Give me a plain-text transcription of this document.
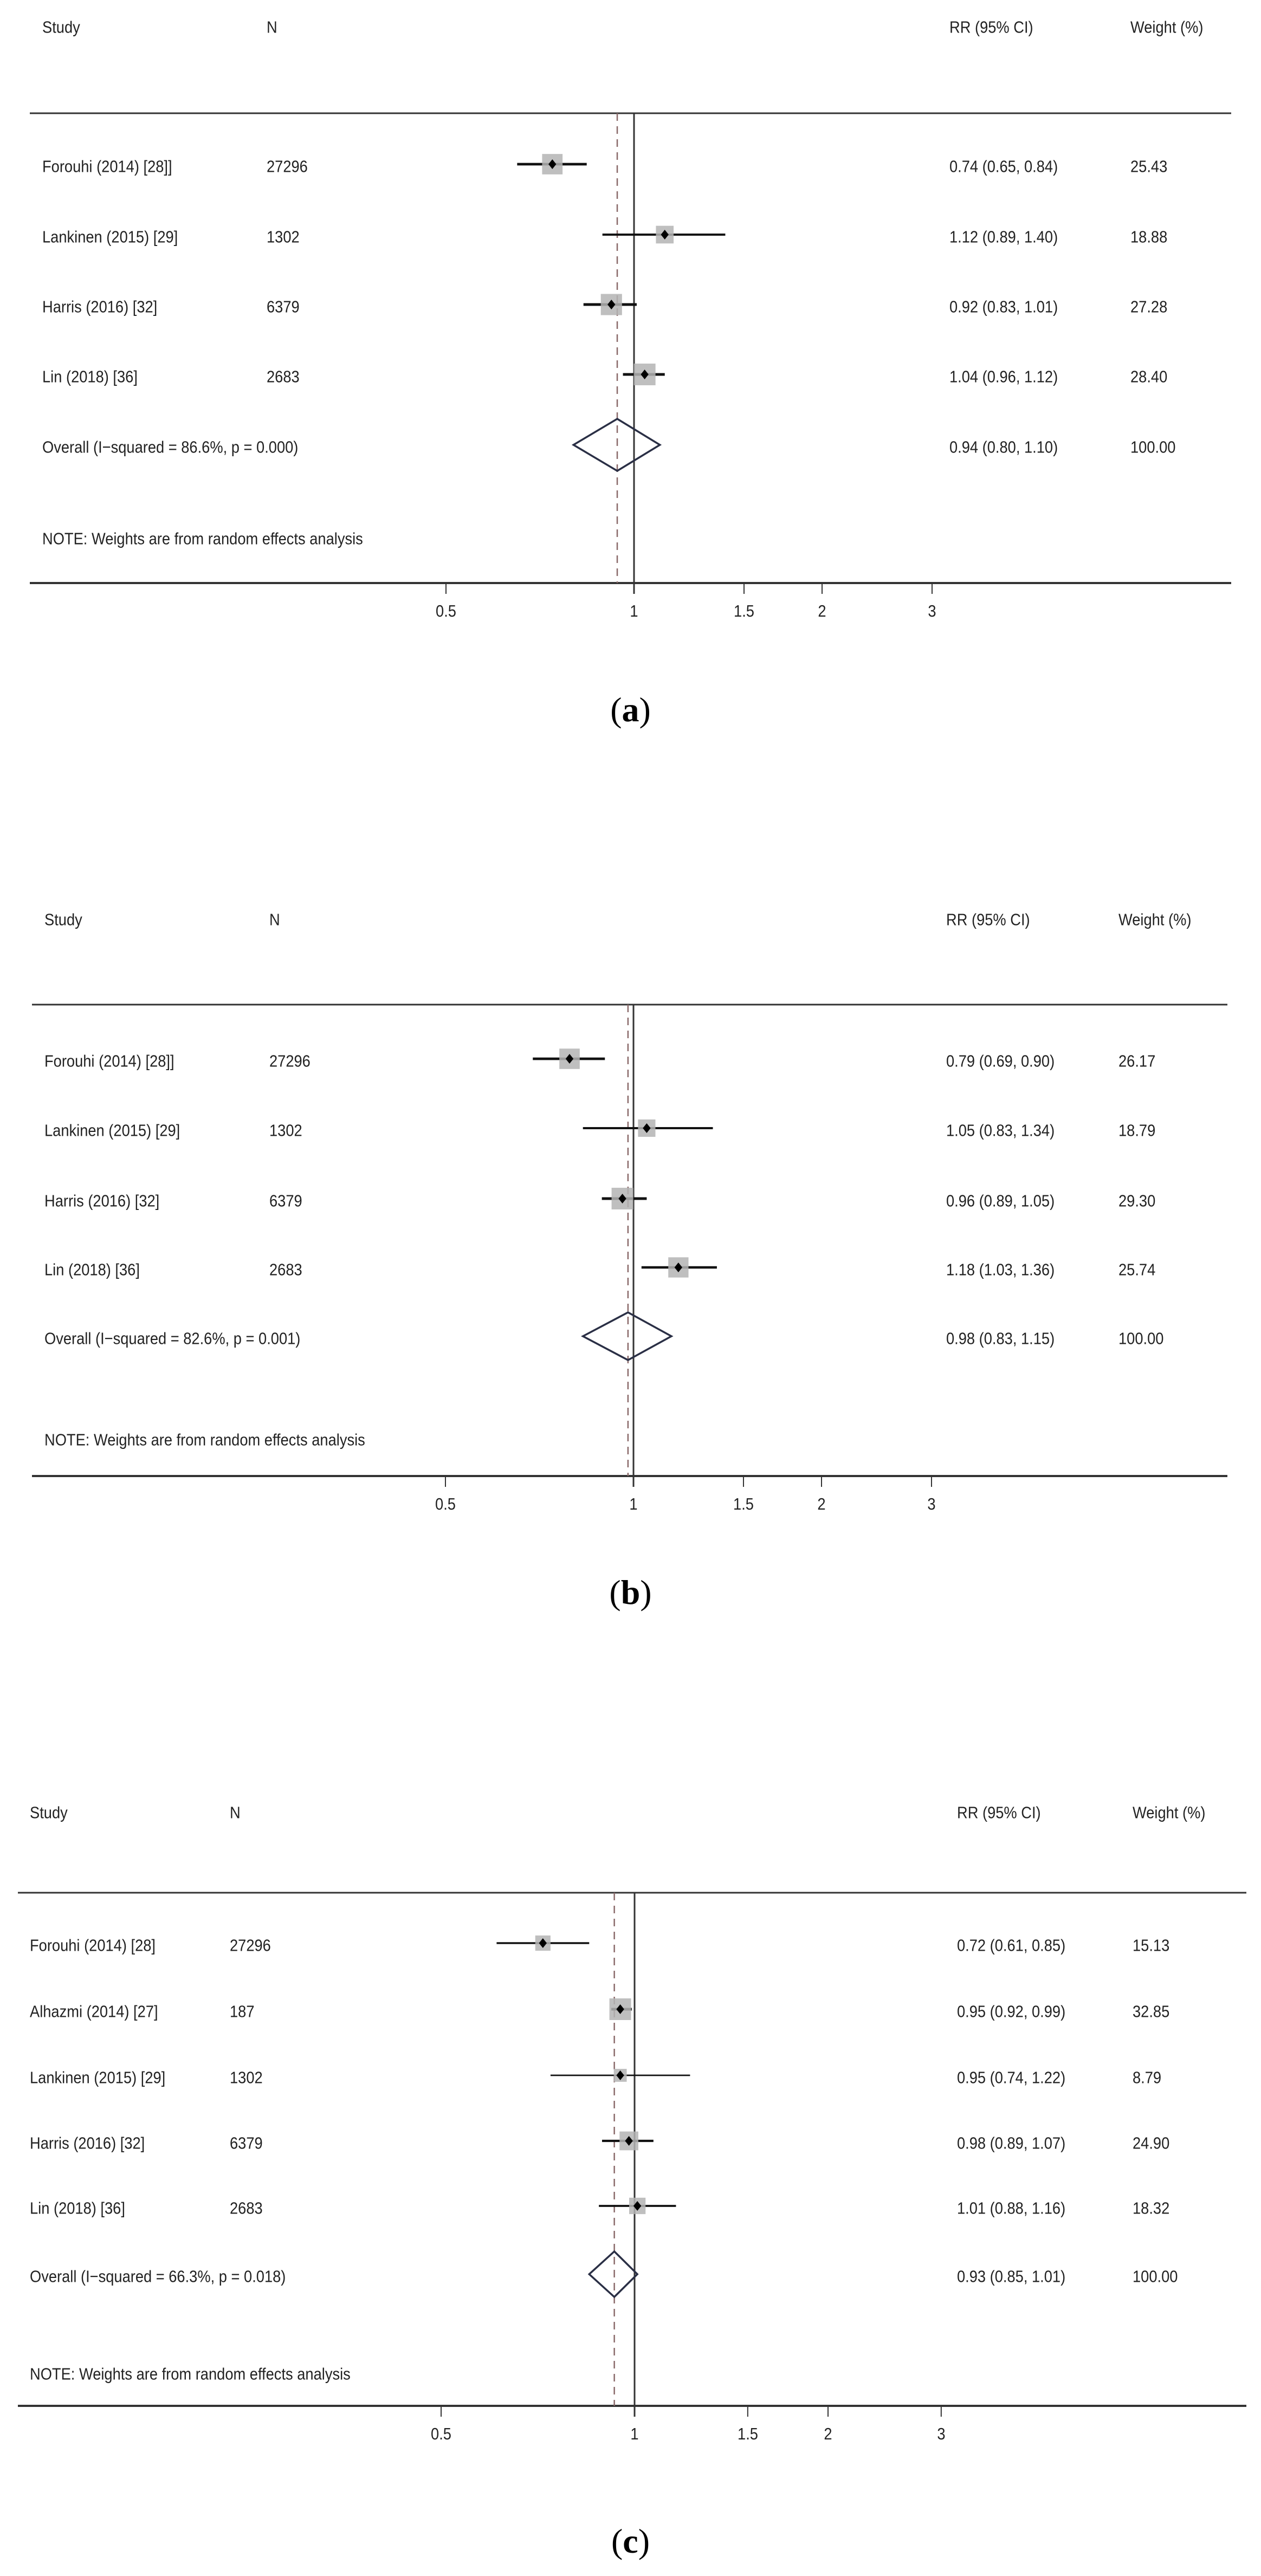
Study	N	RR (95% CI)	Weight (%)
0.5	1	1.5	2	3
Forouhi (2014) [28]]	27296	0.74 (0.65, 0.84)	25.43
Lankinen (2015) [29]	1302	1.12 (0.89, 1.40)	18.88
Harris (2016) [32]	6379	0.92 (0.83, 1.01)	27.28
Lin (2018) [36]	2683	1.04 (0.96, 1.12)	28.40
Overall (I−squared = 86.6%, p = 0.000)	0.94 (0.80, 1.10)	100.00
NOTE: Weights are from random effects analysis
(a)
Study	N	RR (95% CI)	Weight (%)
0.5	1	1.5	2	3
Forouhi (2014) [28]]	27296	0.79 (0.69, 0.90)	26.17
Lankinen (2015) [29]	1302	1.05 (0.83, 1.34)	18.79
Harris (2016) [32]	6379	0.96 (0.89, 1.05)	29.30
Lin (2018) [36]	2683	1.18 (1.03, 1.36)	25.74
Overall (I−squared = 82.6%, p = 0.001)	0.98 (0.83, 1.15)	100.00
NOTE: Weights are from random effects analysis
(b)
Study	N	RR (95% CI)	Weight (%)
0.5	1	1.5	2	3
Forouhi (2014) [28]	27296	0.72 (0.61, 0.85)	15.13
Alhazmi (2014) [27]	187	0.95 (0.92, 0.99)	32.85
Lankinen (2015) [29]	1302	0.95 (0.74, 1.22)	8.79
Harris (2016) [32]	6379	0.98 (0.89, 1.07)	24.90
Lin (2018) [36]	2683	1.01 (0.88, 1.16)	18.32
Overall (I−squared = 66.3%, p = 0.018)	0.93 (0.85, 1.01)	100.00
NOTE: Weights are from random effects analysis
(c)
